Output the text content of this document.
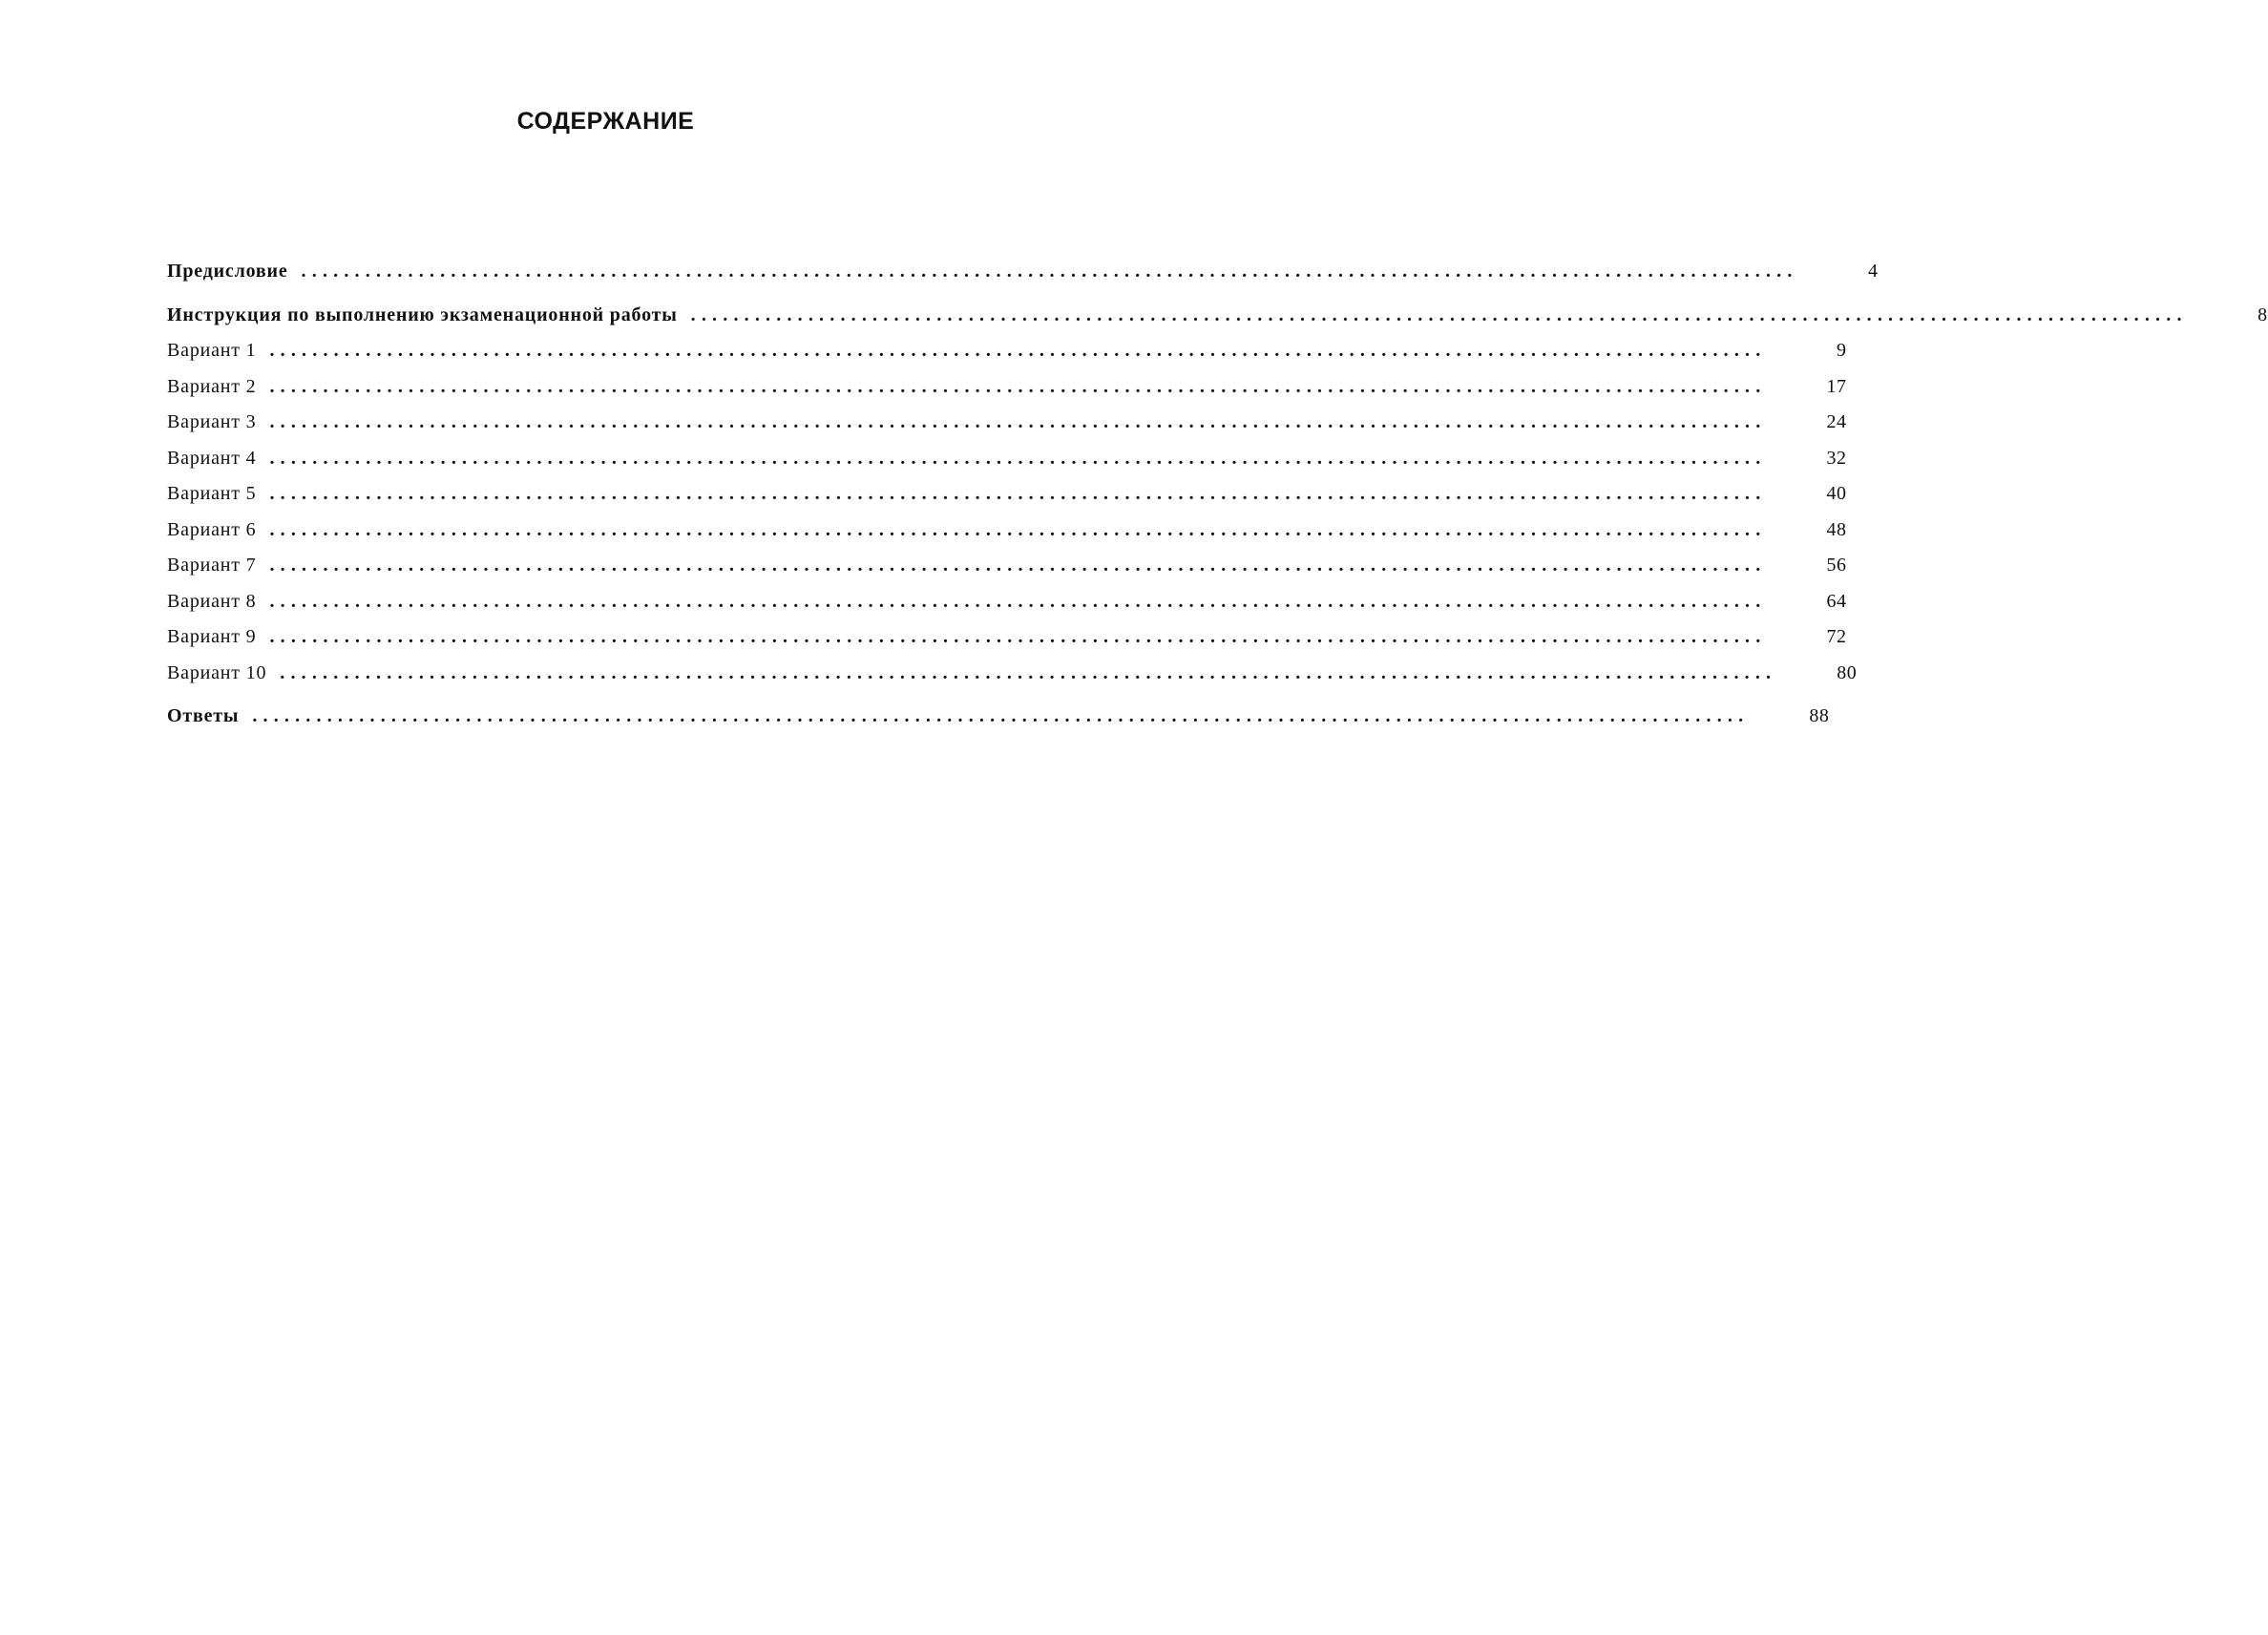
СОДЕРЖАНИЕ
Предисловие ............................................................................................................................................	4
Инструкция по выполнению экзаменационной работы ............................................................................................................................................	8
Вариант 1 ............................................................................................................................................	9
Вариант 2 ............................................................................................................................................	17
Вариант 3 ............................................................................................................................................	24
Вариант 4 ............................................................................................................................................	32
Вариант 5 ............................................................................................................................................	40
Вариант 6 ............................................................................................................................................	48
Вариант 7 ............................................................................................................................................	56
Вариант 8 ............................................................................................................................................	64
Вариант 9 ............................................................................................................................................	72
Вариант 10 ............................................................................................................................................	80
Ответы ............................................................................................................................................	88
